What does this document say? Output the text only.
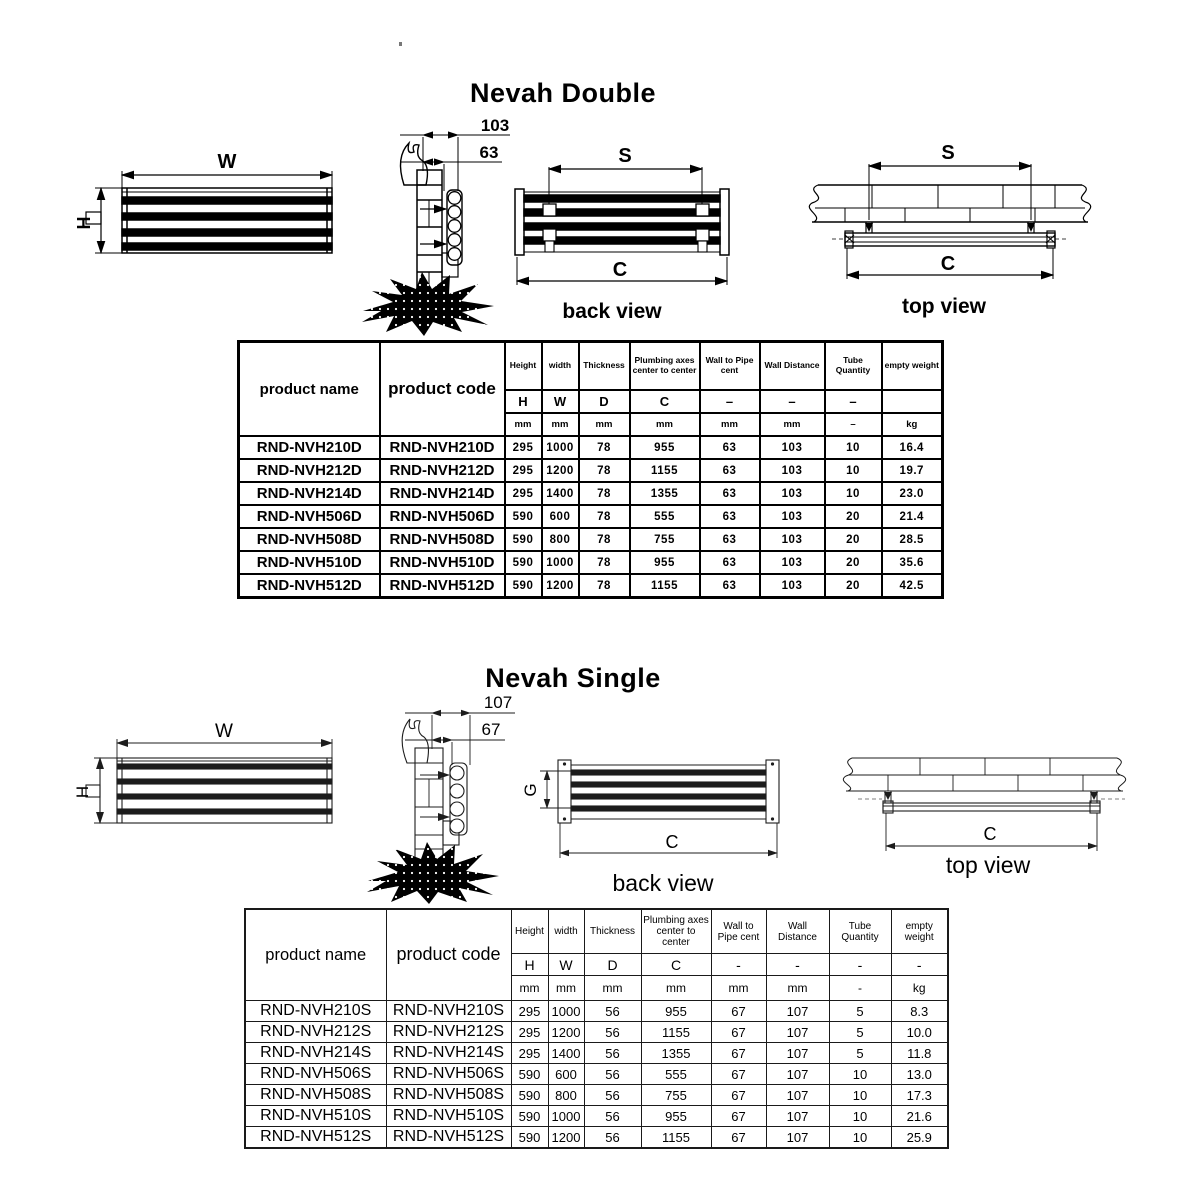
Nevah Double
W
H
103
63	S
C
back view
S
C
top view
product name	product code	Height	width	Thickness	Plumbing axes center to center	Wall to Pipe cent	Wall Distance	Tube Quantity	empty weight
		H	W	D	C	–	–	–	
		mm	mm	mm	mm	mm	mm	–	kg
RND-NVH210D	RND-NVH210D	295	1000	78	955	63	103	10	16.4
RND-NVH212D	RND-NVH212D	295	1200	78	1155	63	103	10	19.7
RND-NVH214D	RND-NVH214D	295	1400	78	1355	63	103	10	23.0
RND-NVH506D	RND-NVH506D	590	600	78	555	63	103	20	21.4
RND-NVH508D	RND-NVH508D	590	800	78	755	63	103	20	28.5
RND-NVH510D	RND-NVH510D	590	1000	78	955	63	103	20	35.6
RND-NVH512D	RND-NVH512D	590	1200	78	1155	63	103	20	42.5
Nevah Single
W
H
107
67
G
C
back view
C
top view
product name	product code	Height	width	Thickness	Plumbing axes center to center	Wall to Pipe cent	Wall Distance	Tube Quantity	empty weight
		H	W	D	C	-	-	-	-
		mm	mm	mm	mm	mm	mm	-	kg
RND-NVH210S	RND-NVH210S	295	1000	56	955	67	107	5	8.3
RND-NVH212S	RND-NVH212S	295	1200	56	1155	67	107	5	10.0
RND-NVH214S	RND-NVH214S	295	1400	56	1355	67	107	5	11.8
RND-NVH506S	RND-NVH506S	590	600	56	555	67	107	10	13.0
RND-NVH508S	RND-NVH508S	590	800	56	755	67	107	10	17.3
RND-NVH510S	RND-NVH510S	590	1000	56	955	67	107	10	21.6
RND-NVH512S	RND-NVH512S	590	1200	56	1155	67	107	10	25.9
